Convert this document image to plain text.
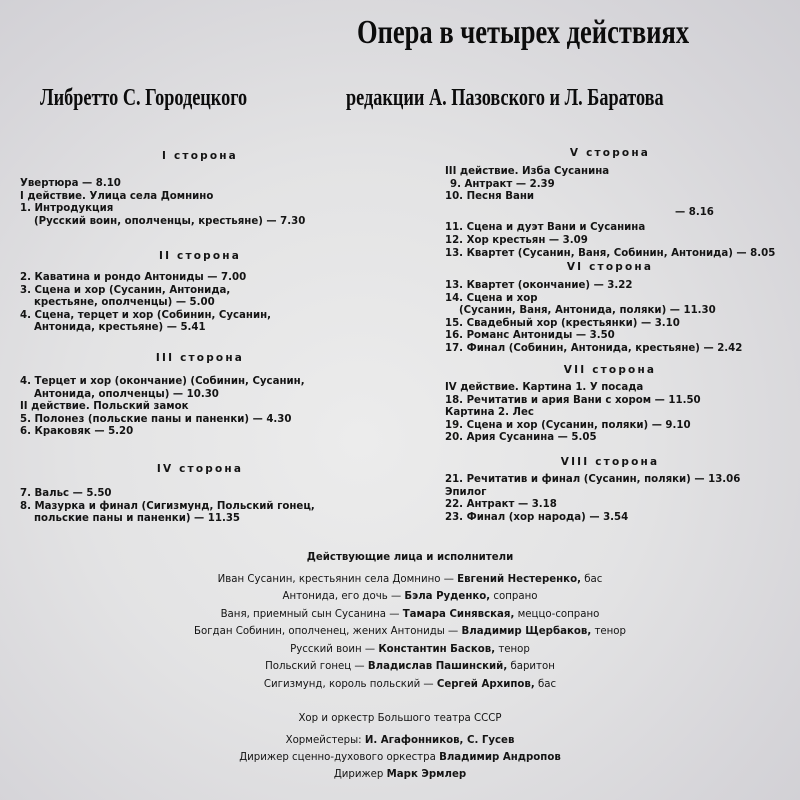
Опера в четырех действиях
Либретто С. Городецкого	редакции А. Пазовского и Л. Баратова
I сторона
Увертюра — 8.10
I действие. Улица села Домнино
1. Интродукция
(Русский воин, ополченцы, крестьяне) — 7.30
II сторона
2. Каватина и рондо Антониды — 7.00
3. Сцена и хор (Сусанин, Антонида,
крестьяне, ополченцы) — 5.00
4. Сцена, терцет и хор (Собинин, Сусанин,
Антонида, крестьяне) — 5.41
III сторона
4. Терцет и хор (окончание) (Собинин, Сусанин,
Антонида, ополченцы) — 10.30
II действие. Польский замок
5. Полонез (польские паны и паненки) — 4.30
6. Краковяк — 5.20
IV сторона
7. Вальс — 5.50
8. Мазурка и финал (Сигизмунд, Польский гонец,
польские паны и паненки) — 11.35
V сторона
III действие. Изба Сусанина
9. Антракт — 2.39
10. Песня Вани
— 8.16
11. Сцена и дуэт Вани и Сусанина
12. Хор крестьян — 3.09
13. Квартет (Сусанин, Ваня, Собинин, Антонида) — 8.05
VI сторона
13. Квартет (окончание) — 3.22
14. Сцена и хор
(Сусанин, Ваня, Антонида, поляки) — 11.30
15. Свадебный хор (крестьянки) — 3.10
16. Романс Антониды — 3.50
17. Финал (Собинин, Антонида, крестьяне) — 2.42
VII сторона
IV действие. Картина 1. У посада
18. Речитатив и ария Вани с хором — 11.50
Картина 2. Лес
19. Сцена и хор (Сусанин, поляки) — 9.10
20. Ария Сусанина — 5.05
VIII сторона
21. Речитатив и финал (Сусанин, поляки) — 13.06
Эпилог
22. Антракт — 3.18
23. Финал (хор народа) — 3.54
Действующие лица и исполнители
Иван Сусанин, крестьянин села Домнино — Евгений Нестеренко, бас
Антонида, его дочь — Бэла Руденко, сопрано
Ваня, приемный сын Сусанина — Тамара Синявская, меццо-сопрано
Богдан Собинин, ополченец, жених Антониды — Владимир Щербаков, тенор
Русский воин — Константин Басков, тенор
Польский гонец — Владислав Пашинский, баритон
Сигизмунд, король польский — Сергей Архипов, бас
Хор и оркестр Большого театра СССР
Хормейстеры: И. Агафонников, С. Гусев
Дирижер сценно-духового оркестра Владимир Андропов
Дирижер Марк Эрмлер
